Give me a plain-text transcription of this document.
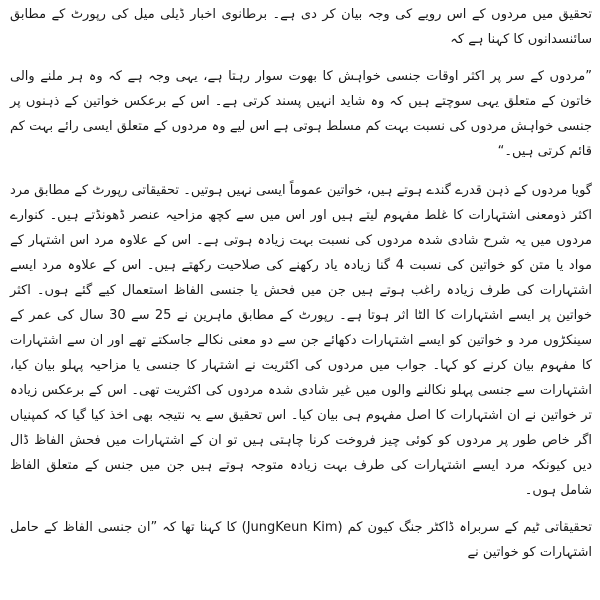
تحقیق میں مردوں کے اس رویے کی وجہ بیان کر دی ہے۔ برطانوی اخبار ڈیلی میل کی رپورٹ کے مطابق سائنسدانوں کا کہنا ہے کہ

”مردوں کے سر پر اکثر اوقات جنسی خواہش کا بھوت سوار رہتا ہے، یہی وجہ ہے کہ وہ ہر ملنے والی خاتون کے متعلق یہی سوچتے ہیں کہ وہ شاید انہیں پسند کرتی ہے۔ اس کے برعکس خواتین کے ذہنوں پر جنسی خواہش مردوں کی نسبت بہت کم مسلط ہوتی ہے اس لیے وہ مردوں کے متعلق ایسی رائے بہت کم قائم کرتی ہیں۔“

گویا مردوں کے ذہن قدرے گندے ہوتے ہیں، خواتین عموماً ایسی نہیں ہوتیں۔ تحقیقاتی رپورٹ کے مطابق مرد اکثر ذومعنی اشتہارات کا غلط مفہوم لیتے ہیں اور اس میں سے کچھ مزاحیہ عنصر ڈھونڈتے ہیں۔ کنوارے مردوں میں یہ شرح شادی شدہ مردوں کی نسبت بہت زیادہ ہوتی ہے۔ اس کے علاوہ مرد اس اشتہار کے مواد یا متن کو خواتین کی نسبت 4 گنا زیادہ یاد رکھنے کی صلاحیت رکھتے ہیں۔ اس کے علاوہ مرد ایسے اشتہارات کی طرف زیادہ راغب ہوتے ہیں جن میں فحش یا جنسی الفاظ استعمال کیے گئے ہوں۔ اکثر خواتین پر ایسے اشتہارات کا الٹا اثر ہوتا ہے۔ رپورٹ کے مطابق ماہرین نے 25 سے 30 سال کی عمر کے سینکڑوں مرد و خواتین کو ایسے اشتہارات دکھائے جن سے دو معنی نکالے جاسکتے تھے اور ان سے اشتہارات کا مفہوم بیان کرنے کو کہا۔ جواب میں مردوں کی اکثریت نے اشتہار کا جنسی یا مزاحیہ پہلو بیان کیا، اشتہارات سے جنسی پہلو نکالنے والوں میں غیر شادی شدہ مردوں کی اکثریت تھی۔ اس کے برعکس زیادہ تر خواتین نے ان اشتہارات کا اصل مفہوم ہی بیان کیا۔ اس تحقیق سے یہ نتیجہ بھی اخذ کیا گیا کہ کمپنیاں اگر خاص طور پر مردوں کو کوئی چیز فروخت کرنا چاہتی ہیں تو ان کے اشتہارات میں فحش الفاظ ڈال دیں کیونکہ مرد ایسے اشتہارات کی طرف بہت زیادہ متوجہ ہوتے ہیں جن میں جنس کے متعلق الفاظ شامل ہوں۔

تحقیقاتی ٹیم کے سربراہ ڈاکٹر جنگ کیون کم (JungKeun Kim) کا کہنا تھا کہ ”ان جنسی الفاظ کے حامل اشتہارات کو خواتین نے
